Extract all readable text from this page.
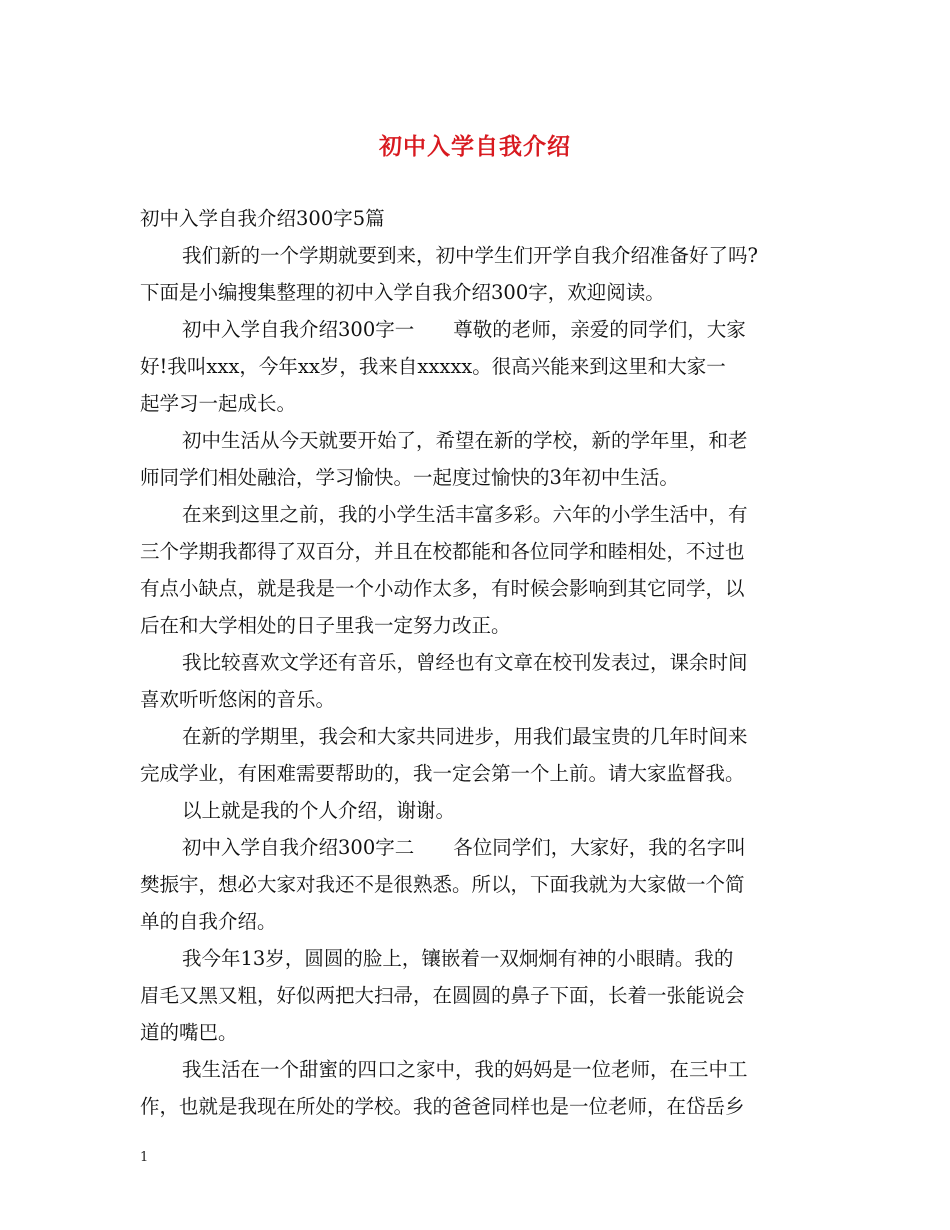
初中入学自我介绍
初中入学自我介绍300字5篇
我们新的一个学期就要到来，初中学生们开学自我介绍准备好了吗?
下面是小编搜集整理的初中入学自我介绍300字，欢迎阅读。
初中入学自我介绍300字一　　尊敬的老师，亲爱的同学们，大家
好!我叫xxx，今年xx岁，我来自xxxxx。很高兴能来到这里和大家一
起学习一起成长。
初中生活从今天就要开始了，希望在新的学校，新的学年里，和老
师同学们相处融洽，学习愉快。一起度过愉快的3年初中生活。
在来到这里之前，我的小学生活丰富多彩。六年的小学生活中，有
三个学期我都得了双百分，并且在校都能和各位同学和睦相处，不过也
有点小缺点，就是我是一个小动作太多，有时候会影响到其它同学，以
后在和大学相处的日子里我一定努力改正。
我比较喜欢文学还有音乐，曾经也有文章在校刊发表过，课余时间
喜欢听听悠闲的音乐。
在新的学期里，我会和大家共同进步，用我们最宝贵的几年时间来
完成学业，有困难需要帮助的，我一定会第一个上前。请大家监督我。
以上就是我的个人介绍，谢谢。
初中入学自我介绍300字二　　各位同学们，大家好，我的名字叫
樊振宇，想必大家对我还不是很熟悉。所以，下面我就为大家做一个简
单的自我介绍。
我今年13岁，圆圆的脸上，镶嵌着一双炯炯有神的小眼睛。我的
眉毛又黑又粗，好似两把大扫帚，在圆圆的鼻子下面，长着一张能说会
道的嘴巴。
我生活在一个甜蜜的四口之家中，我的妈妈是一位老师，在三中工
作，也就是我现在所处的学校。我的爸爸同样也是一位老师，在岱岳乡
1
